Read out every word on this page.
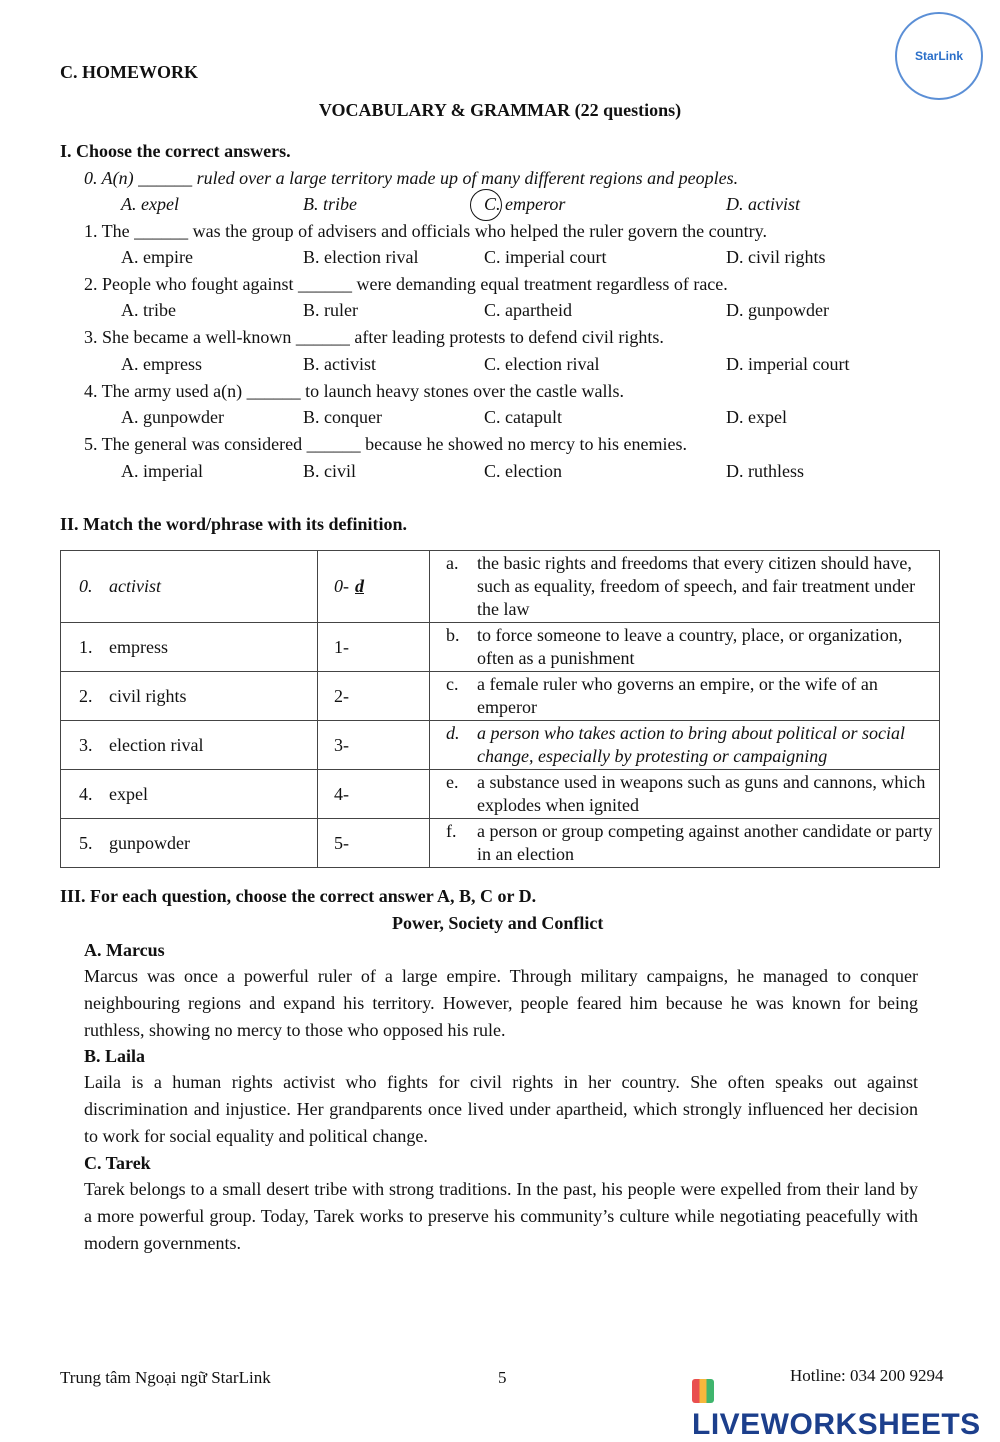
StarLink
C. HOMEWORK
VOCABULARY & GRAMMAR (22 questions)
I. Choose the correct answers.
0. A(n) ______ ruled over a large territory made up of many different regions and peoples.
A. expel	B. tribe	C. emperor	D. activist
1. The ______ was the group of advisers and officials who helped the ruler govern the country.
A. empire	B. election rival	C. imperial court	D. civil rights
2. People who fought against ______ were demanding equal treatment regardless of race.
A. tribe	B. ruler	C. apartheid	D. gunpowder
3. She became a well-known ______ after leading protests to defend civil rights.
A. empress	B. activist	C. election rival	D. imperial court
4. The army used a(n) ______ to launch heavy stones over the castle walls.
A. gunpowder	B. conquer	C. catapult	D. expel
5. The general was considered ______ because he showed no mercy to his enemies.
A. imperial	B. civil	C. election	D. ruthless
II. Match the word/phrase with its definition.
0. activist	0- d	a. the basic rights and freedoms that every citizen should have, such as equality, freedom of speech, and fair treatment under the law

1. empress	1-	b. to force someone to leave a country, place, or organization, often as a punishment

2. civil rights	2-	c. a female ruler who governs an empire, or the wife of an emperor

3. election rival	3-	d. a person who takes action to bring about political or social change, especially by protesting or campaigning

4. expel	4-	e. a substance used in weapons such as guns and cannons, which explodes when ignited

5. gunpowder	5-	f. a person or group competing against another candidate or party in an election
III. For each question, choose the correct answer A, B, C or D.
Power, Society and Conflict
A. Marcus
Marcus was once a powerful ruler of a large empire. Through military campaigns, he managed to conquer neighbouring regions and expand his territory. However, people feared him because he was known for being ruthless, showing no mercy to those who opposed his rule.
B. Laila
Laila is a human rights activist who fights for civil rights in her country. She often speaks out against discrimination and injustice. Her grandparents once lived under apartheid, which strongly influenced her decision to work for social equality and political change.
C. Tarek
Tarek belongs to a small desert tribe with strong traditions. In the past, his people were expelled from their land by a more powerful group. Today, Tarek works to preserve his community’s culture while negotiating peacefully with modern governments.
Trung tâm Ngoại ngữ StarLink	5	Hotline: 034 200 9294
LIVEWORKSHEETS
